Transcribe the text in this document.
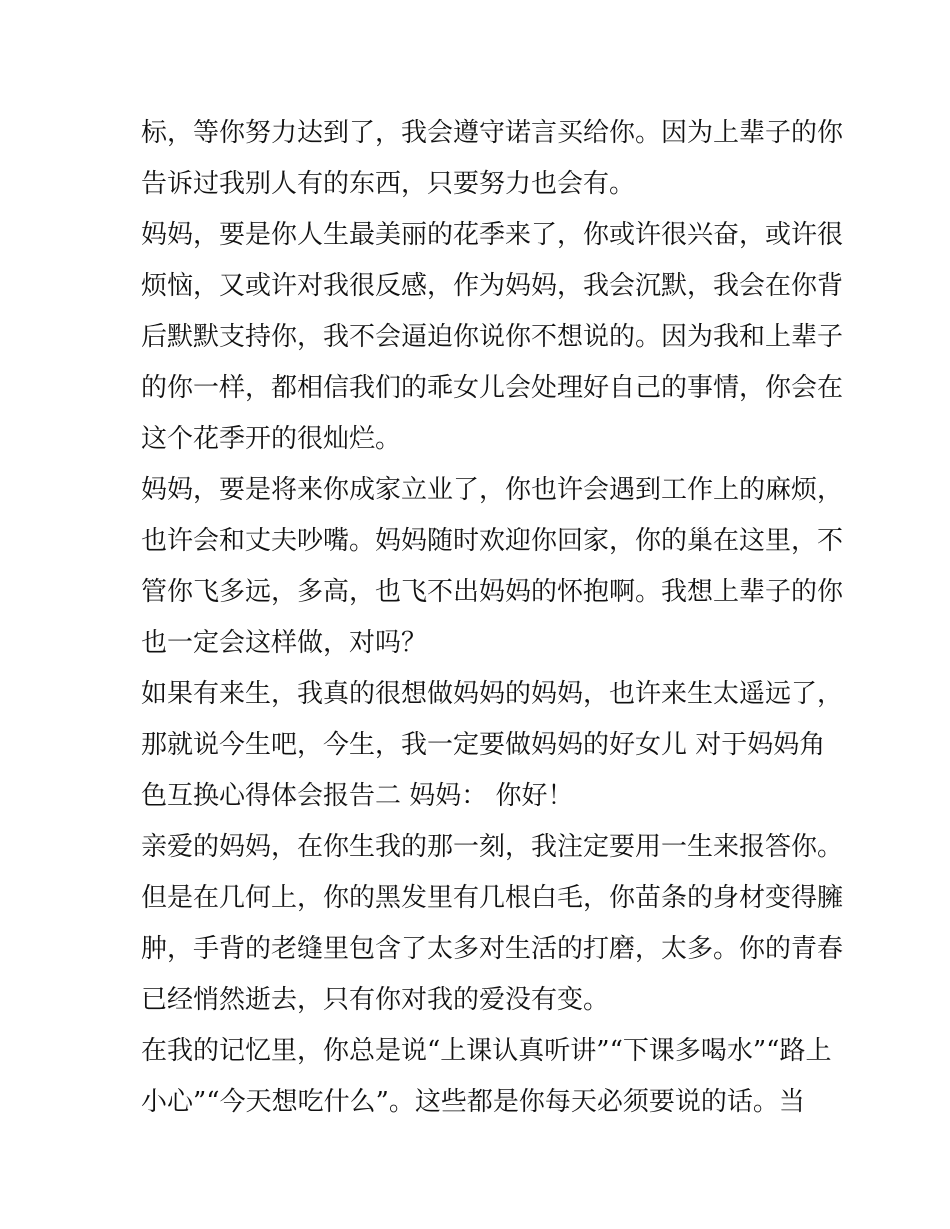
标，等你努力达到了，我会遵守诺言买给你。因为上辈子的你
告诉过我别人有的东西，只要努力也会有。
妈妈，要是你人生最美丽的花季来了，你或许很兴奋，或许很
烦恼，又或许对我很反感，作为妈妈，我会沉默，我会在你背
后默默支持你，我不会逼迫你说你不想说的。因为我和上辈子
的你一样，都相信我们的乖女儿会处理好自己的事情，你会在
这个花季开的很灿烂。
妈妈，要是将来你成家立业了，你也许会遇到工作上的麻烦，
也许会和丈夫吵嘴。妈妈随时欢迎你回家，你的巢在这里，不
管你飞多远，多高，也飞不出妈妈的怀抱啊。我想上辈子的你
也一定会这样做，对吗？
如果有来生，我真的很想做妈妈的妈妈，也许来生太遥远了，
那就说今生吧，今生，我一定要做妈妈的好女儿 对于妈妈角
色互换心得体会报告二 妈妈： 你好！
亲爱的妈妈，在你生我的那一刻，我注定要用一生来报答你。
但是在几何上，你的黑发里有几根白毛，你苗条的身材变得臃
肿，手背的老缝里包含了太多对生活的打磨，太多。你的青春
已经悄然逝去，只有你对我的爱没有变。
在我的记忆里，你总是说“上课认真听讲”“下课多喝水”“路上
小心”“今天想吃什么”。这些都是你每天必须要说的话。当
